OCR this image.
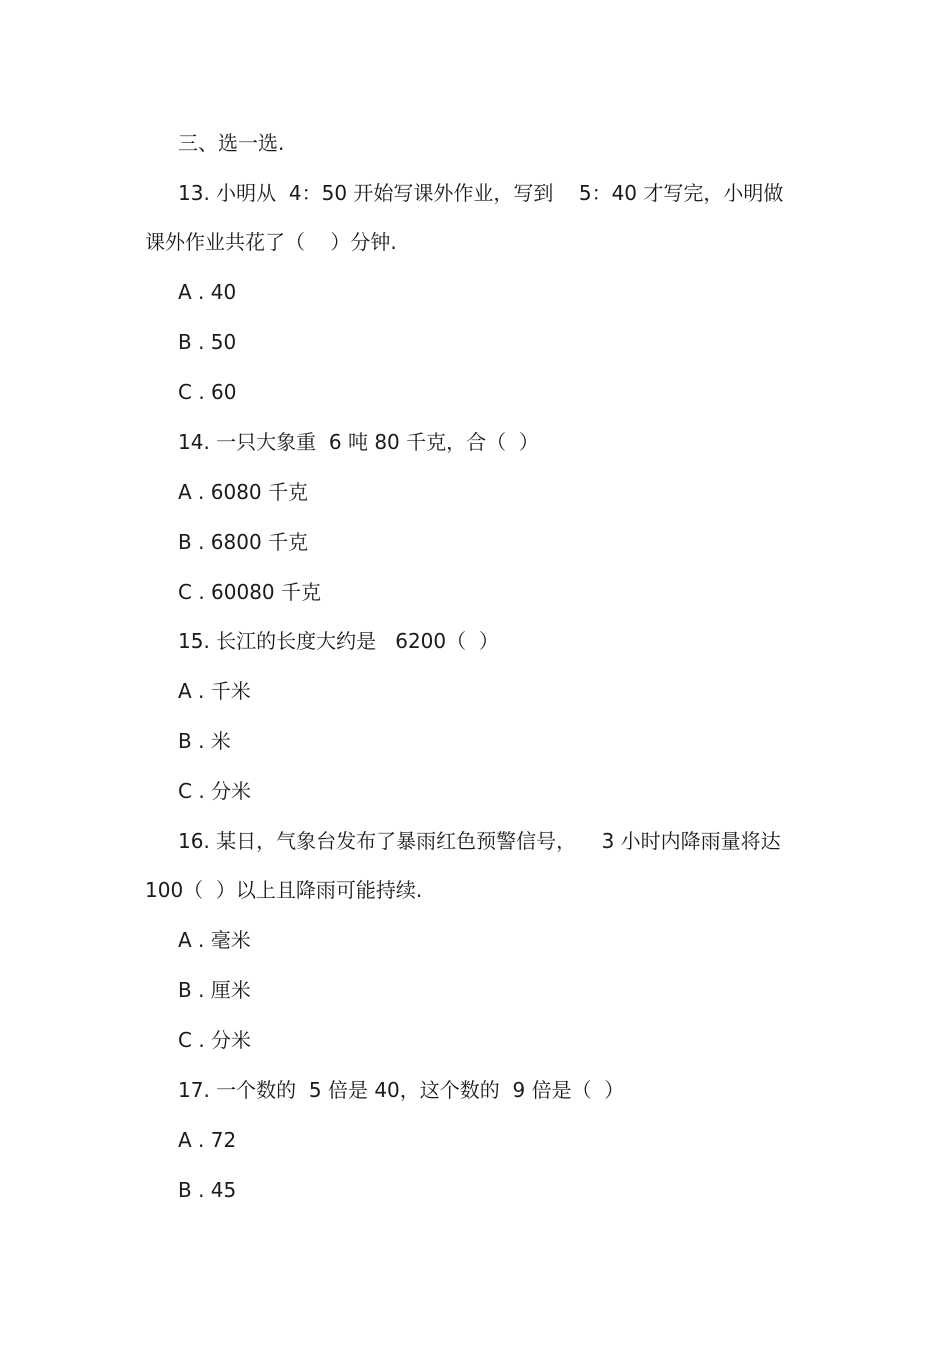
三、选一选.
13. 小明从  4：50 开始写课外作业，写到    5：40 才写完，小明做
课外作业共花了（    ）分钟.
A . 40
B . 50
C . 60
14. 一只大象重  6 吨 80 千克，合（  ）
A . 6080 千克
B . 6800 千克
C . 60080 千克
15. 长江的长度大约是   6200（  ）
A . 千米
B . 米
C . 分米
16. 某日，气象台发布了暴雨红色预警信号，    3 小时内降雨量将达
100（  ）以上且降雨可能持续.
A . 毫米
B . 厘米
C . 分米
17. 一个数的  5 倍是 40，这个数的  9 倍是（  ）
A . 72
B . 45
